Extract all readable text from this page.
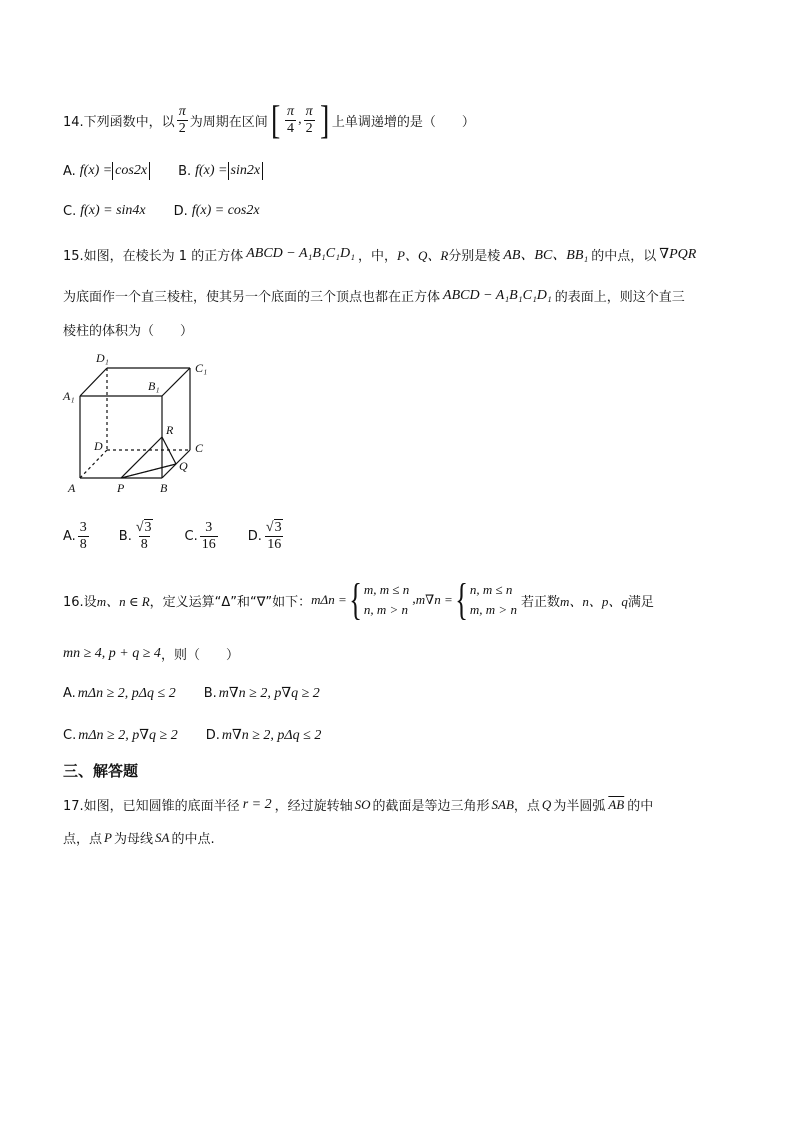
14.下列函数中，以 $\frac{\pi}{2}$ 为周期在区间 [ $\frac{\pi}{4}$ , $\frac{\pi}{2}$ ] 上单调递增的是（　　）
A. f(x) = cos2x B. f(x) = sin2x
C. f(x) = sin4x D. f(x) = cos2x
15.如图，在棱长为 1 的正方体 ABCD − A₁B₁C₁D₁ ，中， P、Q、R 分别是棱 AB、BC、BB₁ 的中点，以 ∇PQR
为底面作一个直三棱柱，使其另一个底面的三个顶点也都在正方体 ABCD − A₁B₁C₁D₁ 的表面上，则这个直三
棱柱的体积为（　　）
D₁
C₁
A₁
B₁
D	C
R
Q
A	P	B
A. $\frac{3}{8} B$. $\frac{√3}{8} C$. $\frac{3}{16} D$. $\frac{√3}{16}$
16.设 m、n ∈ R ，定义运算“Δ”和“∇”如下： mΔn = { m, m ≤ n
n, m > n
, m∇n = { n, m ≤ n
m, m > n 若正数 m、n、p、q 满足
mn ≥ 4, p + q ≥ 4 ，则（　　）
A. mΔn ≥ 2, pΔq ≤ 2 B. m∇n ≥ 2, p∇q ≥ 2
C. mΔn ≥ 2, p∇q ≥ 2 D. m∇n ≥ 2, pΔq ≤ 2
三、解答题
17.如图，已知圆锥的底面半径 r = 2 ，经过旋转轴 SO 的截面是等边三角形 SAB ，点 Q 为半圆弧 $\overline{AB}$ 的中
点，点 P 为母线 SA 的中点.
